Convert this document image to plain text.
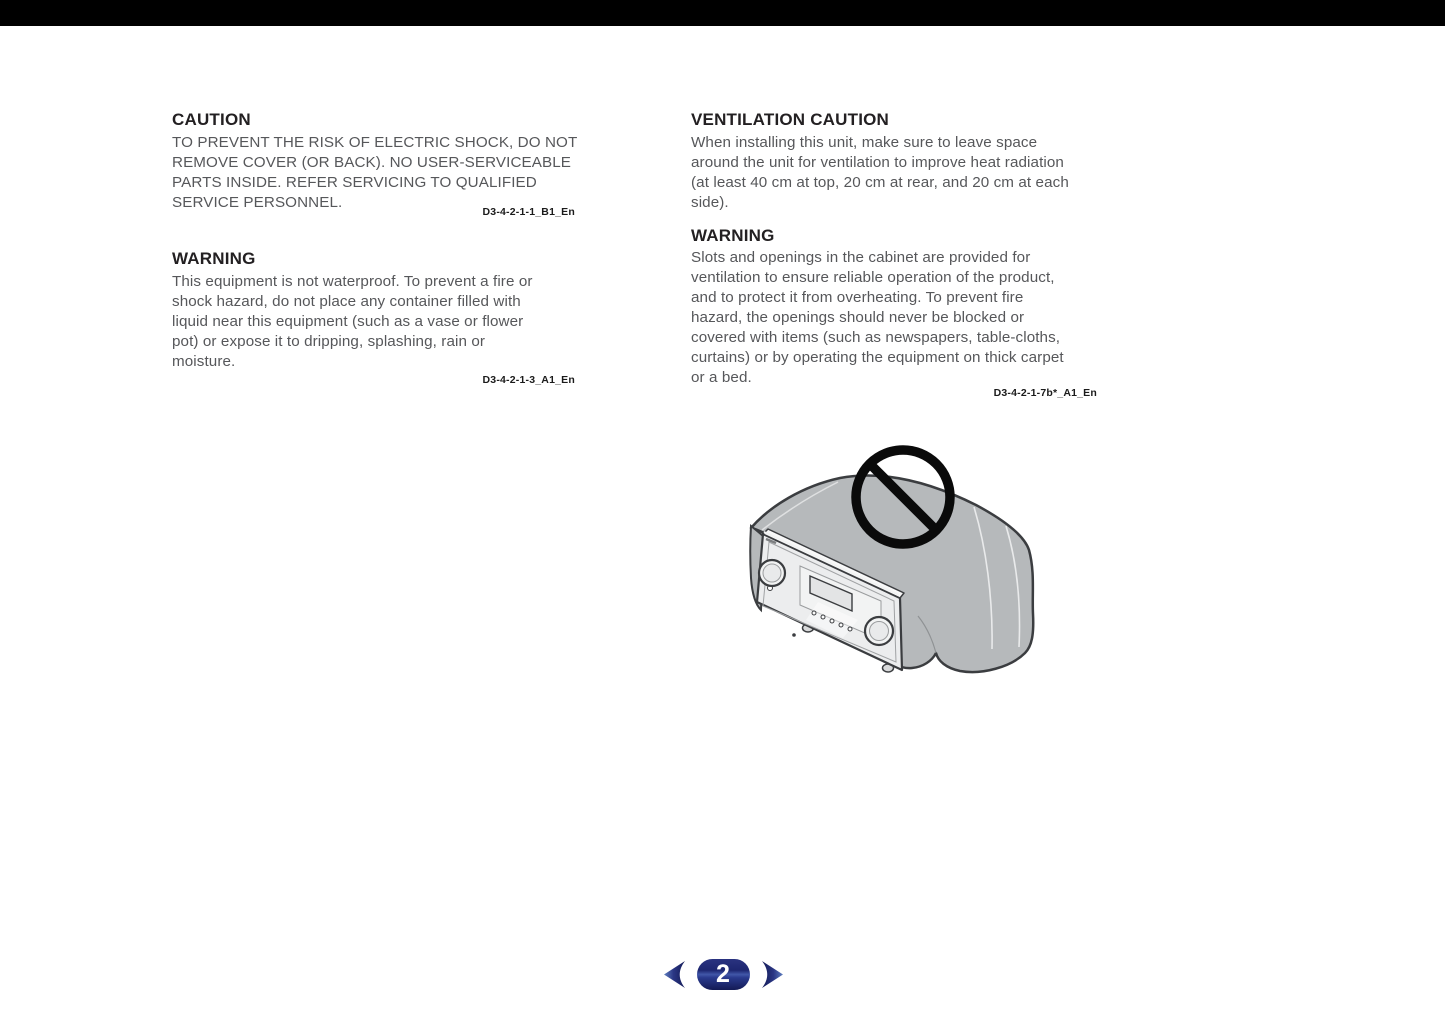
CAUTION
TO PREVENT THE RISK OF ELECTRIC SHOCK, DO NOT
REMOVE COVER (OR BACK). NO USER-SERVICEABLE
PARTS INSIDE. REFER SERVICING TO QUALIFIED
SERVICE PERSONNEL.
D3-4-2-1-1_B1_En
WARNING
This equipment is not waterproof. To prevent a fire or
shock hazard, do not place any container filled with
liquid near this equipment (such as a vase or flower
pot) or expose it to dripping, splashing, rain or
moisture.
D3-4-2-1-3_A1_En
VENTILATION CAUTION
When installing this unit, make sure to leave space
around the unit for ventilation to improve heat radiation
(at least 40 cm at top, 20 cm at rear, and 20 cm at each
side).
WARNING
Slots and openings in the cabinet are provided for
ventilation to ensure reliable operation of the product,
and to protect it from overheating. To prevent fire
hazard, the openings should never be blocked or
covered with items (such as newspapers, table-cloths,
curtains) or by operating the equipment on thick carpet
or a bed.
D3-4-2-1-7b*_A1_En
2
